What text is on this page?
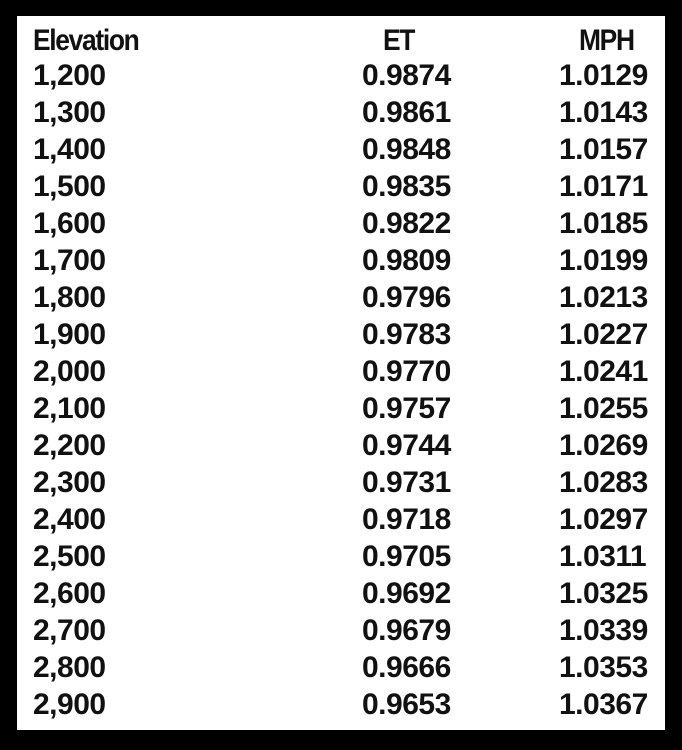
Elevation	ET	MPH
1,200	0.9874	1.0129
1,300	0.9861	1.0143
1,400	0.9848	1.0157
1,500	0.9835	1.0171
1,600	0.9822	1.0185
1,700	0.9809	1.0199
1,800	0.9796	1.0213
1,900	0.9783	1.0227
2,000	0.9770	1.0241
2,100	0.9757	1.0255
2,200	0.9744	1.0269
2,300	0.9731	1.0283
2,400	0.9718	1.0297
2,500	0.9705	1.0311
2,600	0.9692	1.0325
2,700	0.9679	1.0339
2,800	0.9666	1.0353
2,900	0.9653	1.0367
